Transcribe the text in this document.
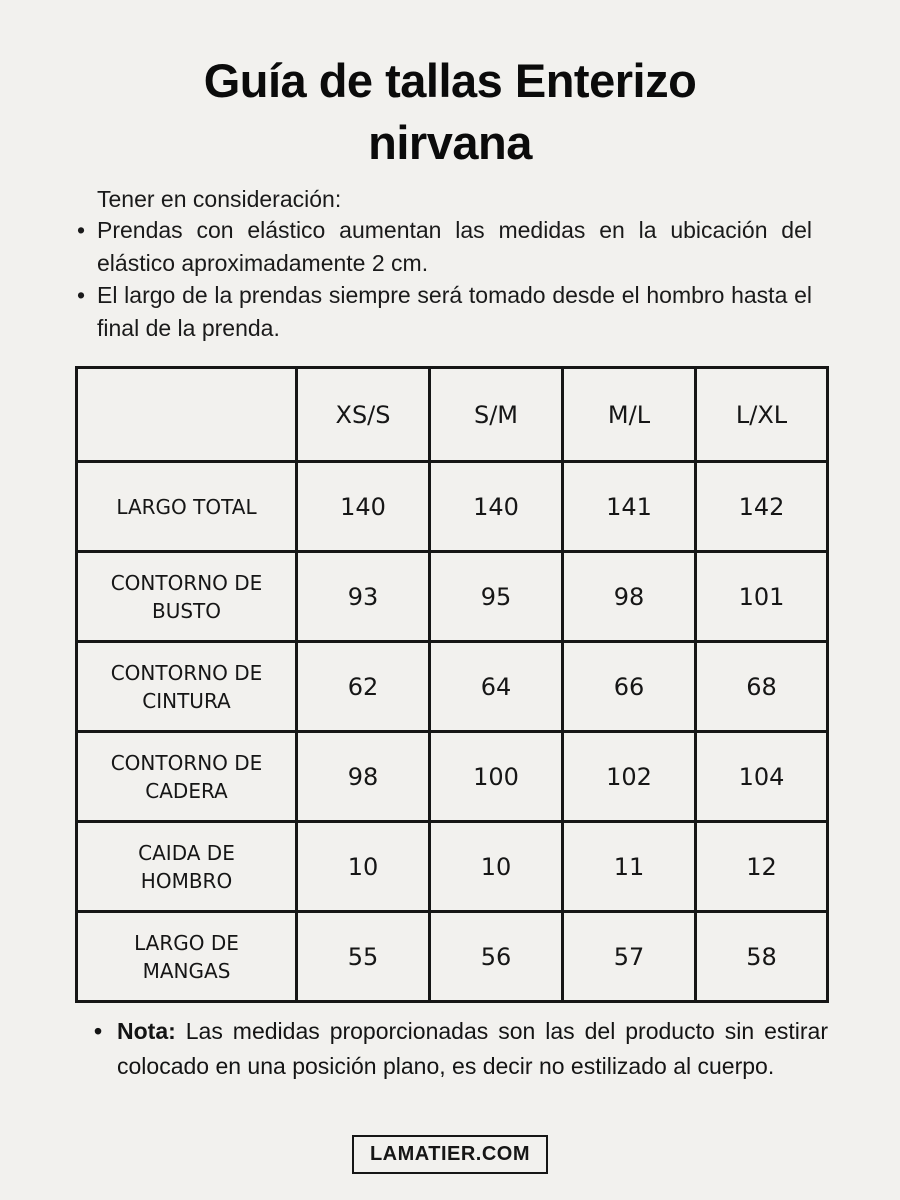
Guía de tallas Enterizo
nirvana

Tener en consideración:

• Prendas con elástico aumentan las medidas en la ubicación del elástico aproximadamente 2 cm.
• El largo de la prendas siempre será tomado desde el hombro hasta el final de la prenda.
	XS/S	S/M	M/L	L/XL
LARGO TOTAL	140	140	141	142
CONTORNO DE BUSTO	93	95	98	101
CONTORNO DE CINTURA	62	64	66	68
CONTORNO DE CADERA	98	100	102	104
CAIDA DE HOMBRO	10	10	11	12
LARGO DE MANGAS	55	56	57	58
• Nota: Las medidas proporcionadas son las del producto sin estirar colocado en una posición plano, es decir no estilizado al cuerpo.
LAMATIER.COM
